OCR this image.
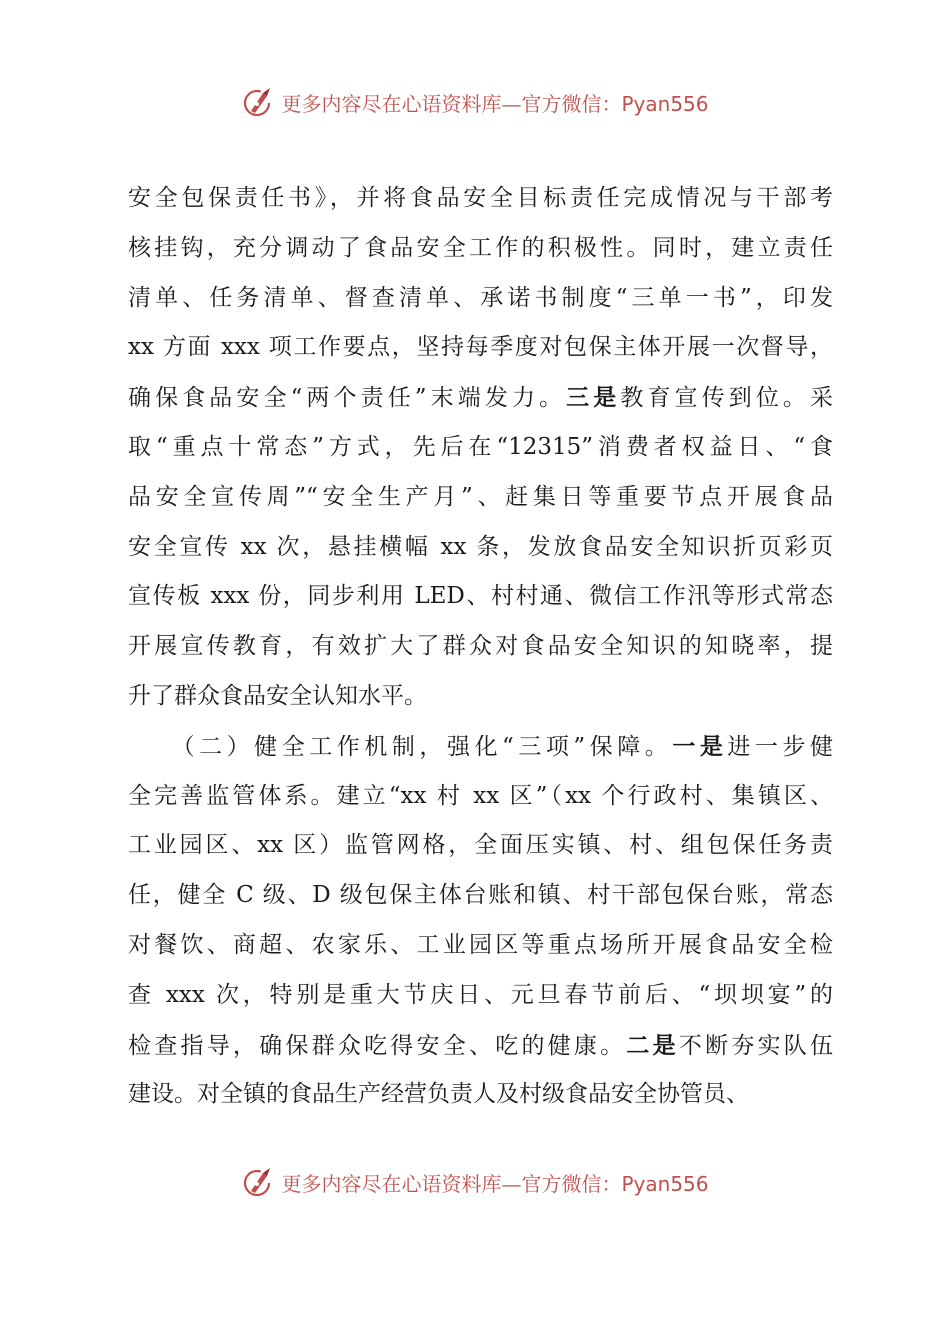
更多内容尽在心语资料库—官方微信：Pyan556
安全包保责任书》，并将食品安全目标责任完成情况与干部考
核挂钩，充分调动了食品安全工作的积极性。同时，建立责任
清单、任务清单、督查清单、承诺书制度“三单一书”，印发
xx 方面 xxx 项工作要点，坚持每季度对包保主体开展一次督导，
确保食品安全“两个责任”末端发力。三是教育宣传到位。采
取“重点十常态”方式，先后在“12315”消费者权益日、“食
品安全宣传周”“安全生产月”、赶集日等重要节点开展食品
安全宣传 xx 次，悬挂横幅 xx 条，发放食品安全知识折页彩页
宣传板 xxx 份，同步利用 LED、村村通、微信工作汛等形式常态
开展宣传教育，有效扩大了群众对食品安全知识的知晓率，提
升了群众食品安全认知水平。
　　（二）健全工作机制，强化“三项”保障。一是进一步健
全完善监管体系。建立“xx 村 xx 区”（xx 个行政村、集镇区、
工业园区、xx 区）监管网格，全面压实镇、村、组包保任务责
任，健全 C 级、D 级包保主体台账和镇、村干部包保台账，常态
对餐饮、商超、农家乐、工业园区等重点场所开展食品安全检
查 xxx 次，特别是重大节庆日、元旦春节前后、“坝坝宴”的
检查指导，确保群众吃得安全、吃的健康。二是不断夯实队伍
建设。对全镇的食品生产经营负责人及村级食品安全协管员、
更多内容尽在心语资料库—官方微信：Pyan556
